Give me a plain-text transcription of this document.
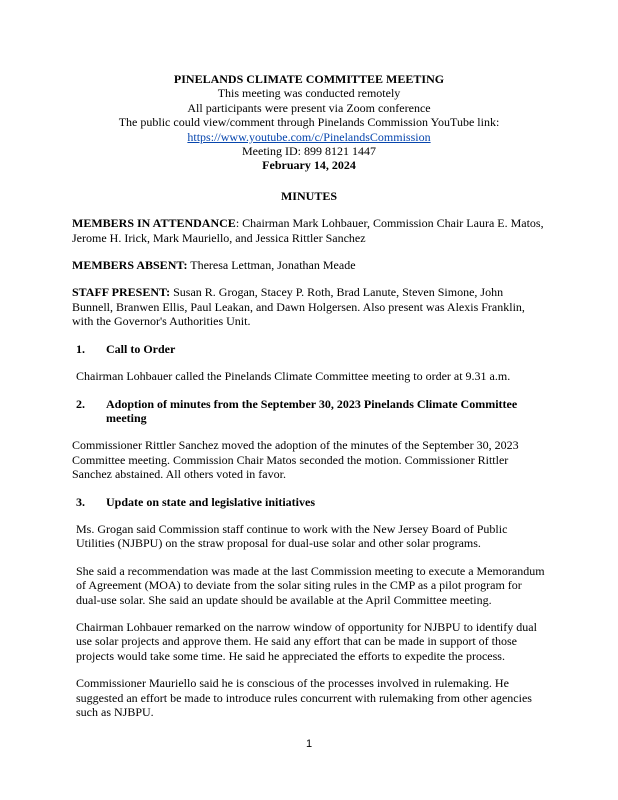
PINELANDS CLIMATE COMMITTEE MEETING
This meeting was conducted remotely
All participants were present via Zoom conference
The public could view/comment through Pinelands Commission YouTube link:
https://www.youtube.com/c/PinelandsCommission
Meeting ID: 899 8121 1447
February 14, 2024
MINUTES

MEMBERS IN ATTENDANCE: Chairman Mark Lohbauer, Commission Chair Laura E. Matos, Jerome H. Irick, Mark Mauriello, and Jessica Rittler Sanchez

MEMBERS ABSENT: Theresa Lettman, Jonathan Meade

STAFF PRESENT: Susan R. Grogan, Stacey P. Roth, Brad Lanute, Steven Simone, John Bunnell, Branwen Ellis, Paul Leakan, and Dawn Holgersen. Also present was Alexis Franklin, with the Governor's Authorities Unit.

1.	Call to Order

Chairman Lohbauer called the Pinelands Climate Committee meeting to order at 9.31 a.m.

2.	Adoption of minutes from the September 30, 2023 Pinelands Climate Committee meeting

Commissioner Rittler Sanchez moved the adoption of the minutes of the September 30, 2023 Committee meeting. Commission Chair Matos seconded the motion. Commissioner Rittler Sanchez abstained. All others voted in favor.

3.	Update on state and legislative initiatives

Ms. Grogan said Commission staff continue to work with the New Jersey Board of Public Utilities (NJBPU) on the straw proposal for dual-use solar and other solar programs.

She said a recommendation was made at the last Commission meeting to execute a Memorandum of Agreement (MOA) to deviate from the solar siting rules in the CMP as a pilot program for dual-use solar. She said an update should be available at the April Committee meeting.

Chairman Lohbauer remarked on the narrow window of opportunity for NJBPU to identify dual use solar projects and approve them. He said any effort that can be made in support of those projects would take some time. He said he appreciated the efforts to expedite the process.

Commissioner Mauriello said he is conscious of the processes involved in rulemaking. He suggested an effort be made to introduce rules concurrent with rulemaking from other agencies such as NJBPU.

1
